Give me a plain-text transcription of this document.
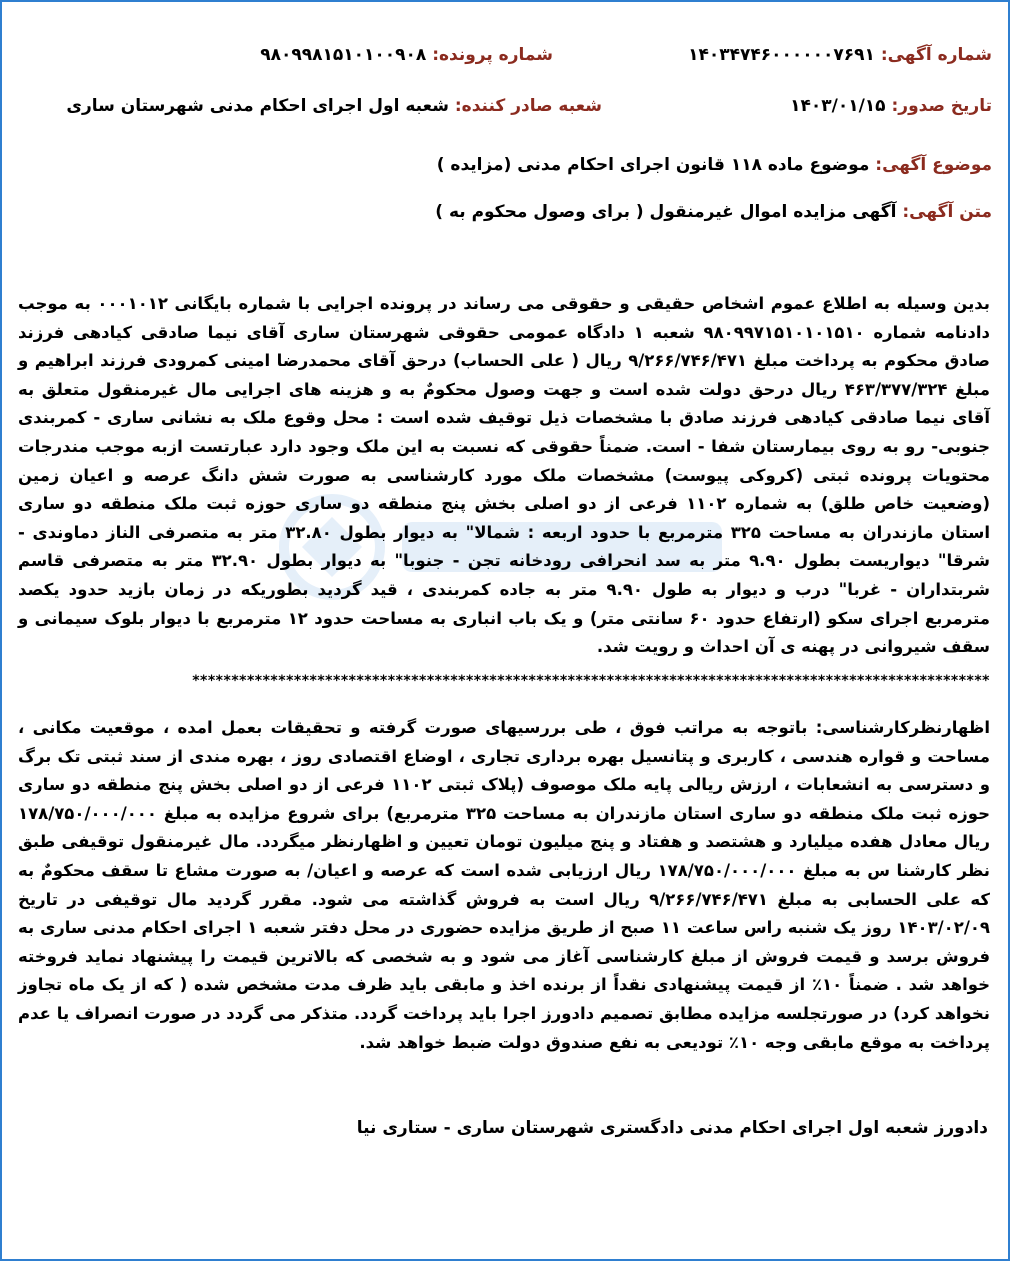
شماره آگهی: ۱۴۰۳۴۷۴۶۰۰۰۰۰۰۷۶۹۱
شماره پرونده: ۹۸۰۹۹۸۱۵۱۰۱۰۰۹۰۸
تاریخ صدور: ۱۴۰۳/۰۱/۱۵
شعبه صادر کننده: شعبه اول اجرای احکام مدنی شهرستان ساری
موضوع آگهی: موضوع ماده ۱۱۸ قانون اجرای احکام مدنی (مزایده )
متن آگهی: آگهی مزایده اموال غیرمنقول ( برای وصول محکوم به )
بدین وسیله به اطلاع عموم اشخاص حقیقی و حقوقی می رساند در پرونده اجرایی با شماره بایگانی ۰۰۰۱۰۱۲ به موجب دادنامه شماره ۹۸۰۹۹۷۱۵۱۰۱۰۱۵۱۰ شعبه ۱ دادگاه عمومی حقوقی شهرستان ساری آقای نیما صادقی کیادهی فرزند صادق محکوم به پرداخت مبلغ ۹/۲۶۶/۷۴۶/۴۷۱ ریال ( علی الحساب) درحق آقای محمدرضا امینی کمرودی فرزند ابراهیم و مبلغ ۴۶۳/۳۷۷/۳۲۴ ریال درحق دولت شده است و جهت وصول محکومٌ به و هزینه های اجرایی مال غیرمنقول متعلق به آقای نیما صادقی کیادهی فرزند صادق با مشخصات ذیل توقیف شده است : محل وقوع ملک به نشانی ساری - کمربندی جنوبی- رو به روی بیمارستان شفا - است. ضمناً حقوقی که نسبت به این ملک وجود دارد عبارتست ازبه موجب مندرجات محتویات پرونده ثبتی (کروکی پیوست) مشخصات ملک مورد کارشناسی به صورت شش دانگ عرصه و اعیان زمین (وضعیت خاص طلق) به شماره ۱۱۰۲ فرعی از دو اصلی بخش پنج منطقه دو ساری حوزه ثبت ملک منطقه دو ساری استان مازندران به مساحت ۳۲۵ مترمربع با حدود اربعه : شمالا" به دیوار بطول ۳۲.۸۰ متر به متصرفی الناز دماوندی - شرقا" دیواریست بطول ۹.۹۰ متر به سد انحرافی رودخانه تجن - جنوبا" به دیوار بطول ۳۲.۹۰ متر به متصرفی قاسم شربتداران - غربا" درب و دیوار به طول ۹.۹۰ متر به جاده کمربندی ، قید گردید بطوریکه در زمان بازید حدود یکصد مترمربع اجرای سکو (ارتفاع حدود ۶۰ سانتی متر) و یک باب انباری به مساحت حدود ۱۲ مترمربع با دیوار بلوک سیمانی و سقف شیروانی در پهنه ی آن احداث و رویت شد.
******************************************************************************************************
اظهارنظرکارشناسی: باتوجه به مراتب فوق ، طی بررسیهای صورت گرفته و تحقیقات بعمل امده ، موقعیت مکانی ، مساحت و قواره هندسی ، کاربری و پتانسیل بهره برداری تجاری ، اوضاع اقتصادی روز ، بهره مندی از سند ثبتی تک برگ و دسترسی به انشعابات ، ارزش ریالی پایه ملک موصوف (پلاک ثبتی ۱۱۰۲ فرعی از دو اصلی بخش پنج منطقه دو ساری حوزه ثبت ملک منطقه دو ساری استان مازندران به مساحت ۳۲۵ مترمربع) برای شروع مزایده به مبلغ ۱۷۸/۷۵۰/۰۰۰/۰۰۰ ریال معادل هفده میلیارد و هشتصد و هفتاد و پنج میلیون تومان تعیین و اظهارنظر میگردد. مال غیرمنقول توقیفی طبق نظر کارشنا س به مبلغ ۱۷۸/۷۵۰/۰۰۰/۰۰۰ ریال ارزیابی شده است که عرصه و اعیان/ به صورت مشاع تا سقف محکومٌ به که علی الحسابی به مبلغ ۹/۲۶۶/۷۴۶/۴۷۱ ریال است به فروش گذاشته می شود. مقرر گردید مال توقیفی در تاریخ ۱۴۰۳/۰۲/۰۹ روز یک شنبه راس ساعت ۱۱ صبح از طریق مزایده حضوری در محل دفتر شعبه ۱ اجرای احکام مدنی ساری به فروش برسد و قیمت فروش از مبلغ کارشناسی آغاز می شود و به شخصی که بالاترین قیمت را پیشنهاد نماید فروخته خواهد شد . ضمناً ۱۰٪ از قیمت پیشنهادی نقداً از برنده اخذ و مابقی باید ظرف مدت مشخص شده ( که از یک ماه تجاوز نخواهد کرد) در صورتجلسه مزایده مطابق تصمیم دادورز اجرا باید پرداخت گردد. متذکر می گردد در صورت انصراف یا عدم پرداخت به موقع مابقی وجه ۱۰٪ تودیعی به نفع صندوق دولت ضبط خواهد شد.
دادورز شعبه اول اجرای احکام مدنی دادگستری شهرستان ساری - ستاری نیا
